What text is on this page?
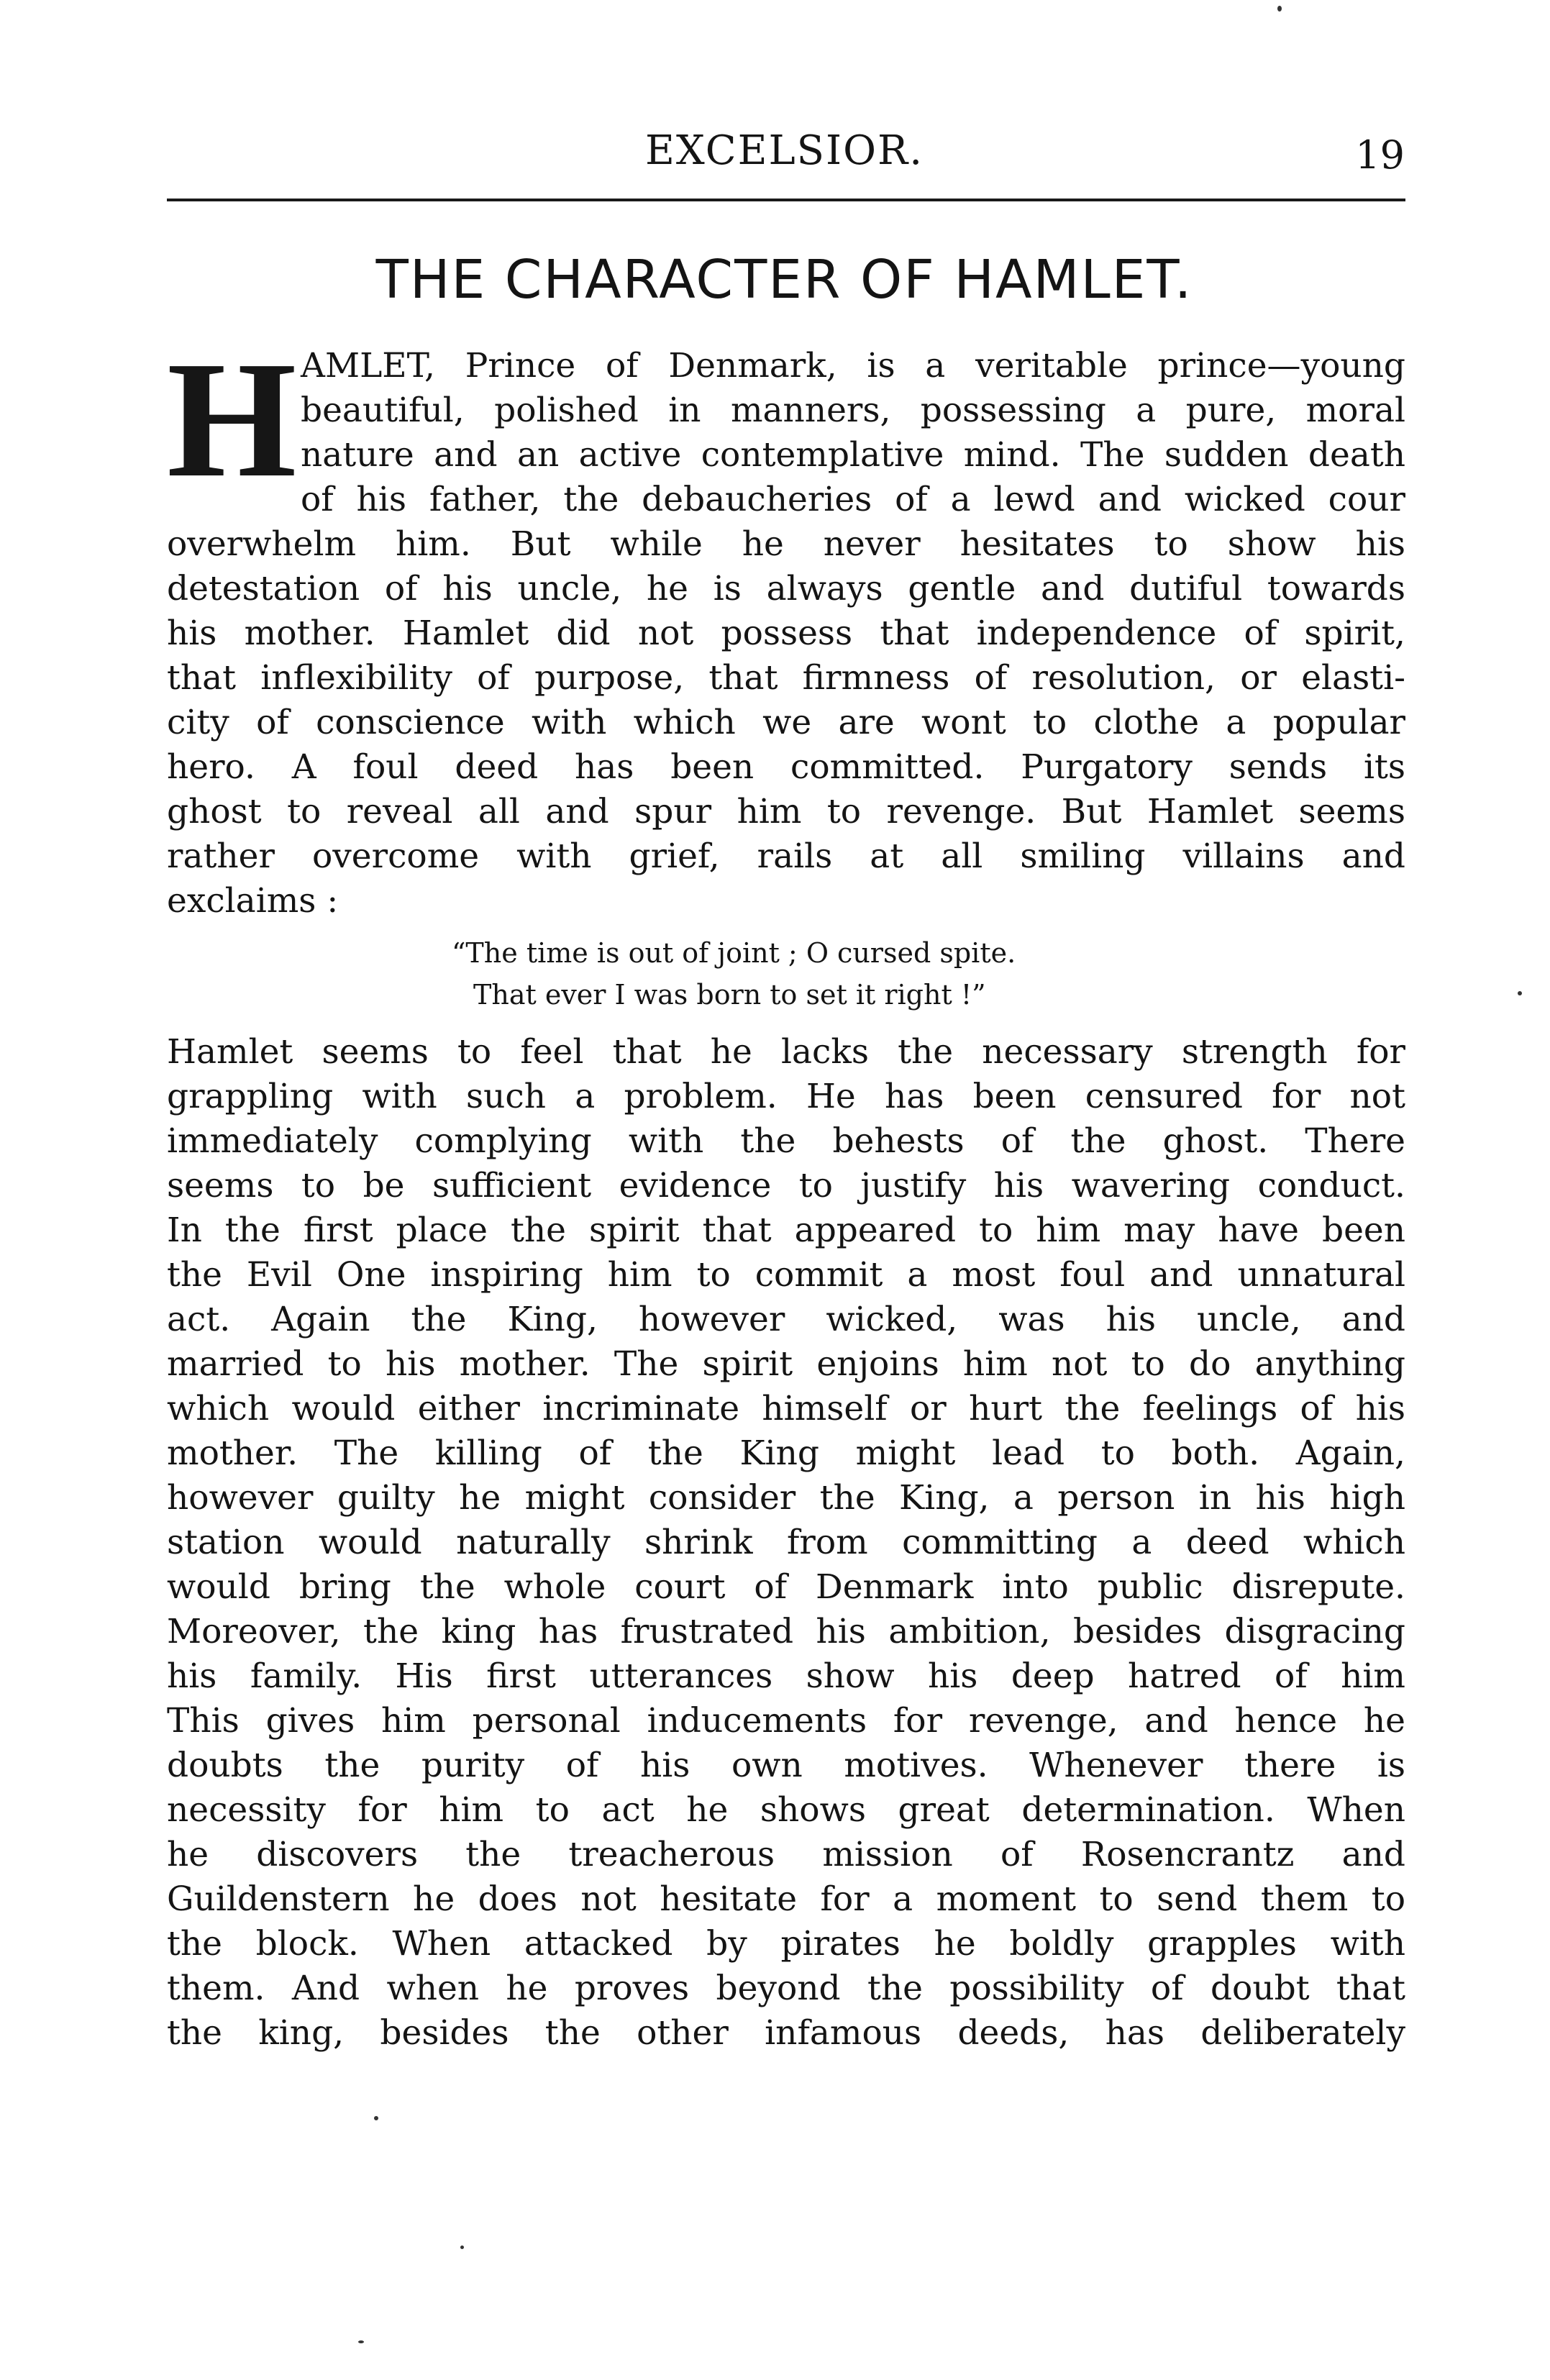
EXCELSIOR.	19
THE CHARACTER OF HAMLET.
H AMLET, Prince of Denmark, is a veritable prince—young
beautiful, polished in manners, possessing a pure, moral
nature and an active contemplative mind. The sudden death
of his father, the debaucheries of a lewd and wicked cour
overwhelm him. But while he never hesitates to show his
detestation of his uncle, he is always gentle and dutiful towards
his mother. Hamlet did not possess that independence of spirit,
that inflexibility of purpose, that firmness of resolution, or elasti-
city of conscience with which we are wont to clothe a popular
hero. A foul deed has been committed. Purgatory sends its
ghost to reveal all and spur him to revenge. But Hamlet seems
rather overcome with grief, rails at all smiling villains and
exclaims :
“The time is out of joint ; O cursed spite.
That ever I was born to set it right !”
Hamlet seems to feel that he lacks the necessary strength for
grappling with such a problem. He has been censured for not
immediately complying with the behests of the ghost. There
seems to be sufficient evidence to justify his wavering conduct.
In the first place the spirit that appeared to him may have been
the Evil One inspiring him to commit a most foul and unnatural
act. Again the King, however wicked, was his uncle, and
married to his mother. The spirit enjoins him not to do anything
which would either incriminate himself or hurt the feelings of his
mother. The killing of the King might lead to both. Again,
however guilty he might consider the King, a person in his high
station would naturally shrink from committing a deed which
would bring the whole court of Denmark into public disrepute.
Moreover, the king has frustrated his ambition, besides disgracing
his family. His first utterances show his deep hatred of him
This gives him personal inducements for revenge, and hence he
doubts the purity of his own motives. Whenever there is
necessity for him to act he shows great determination. When
he discovers the treacherous mission of Rosencrantz and
Guildenstern he does not hesitate for a moment to send them to
the block. When attacked by pirates he boldly grapples with
them. And when he proves beyond the possibility of doubt that
the king, besides the other infamous deeds, has deliberately
